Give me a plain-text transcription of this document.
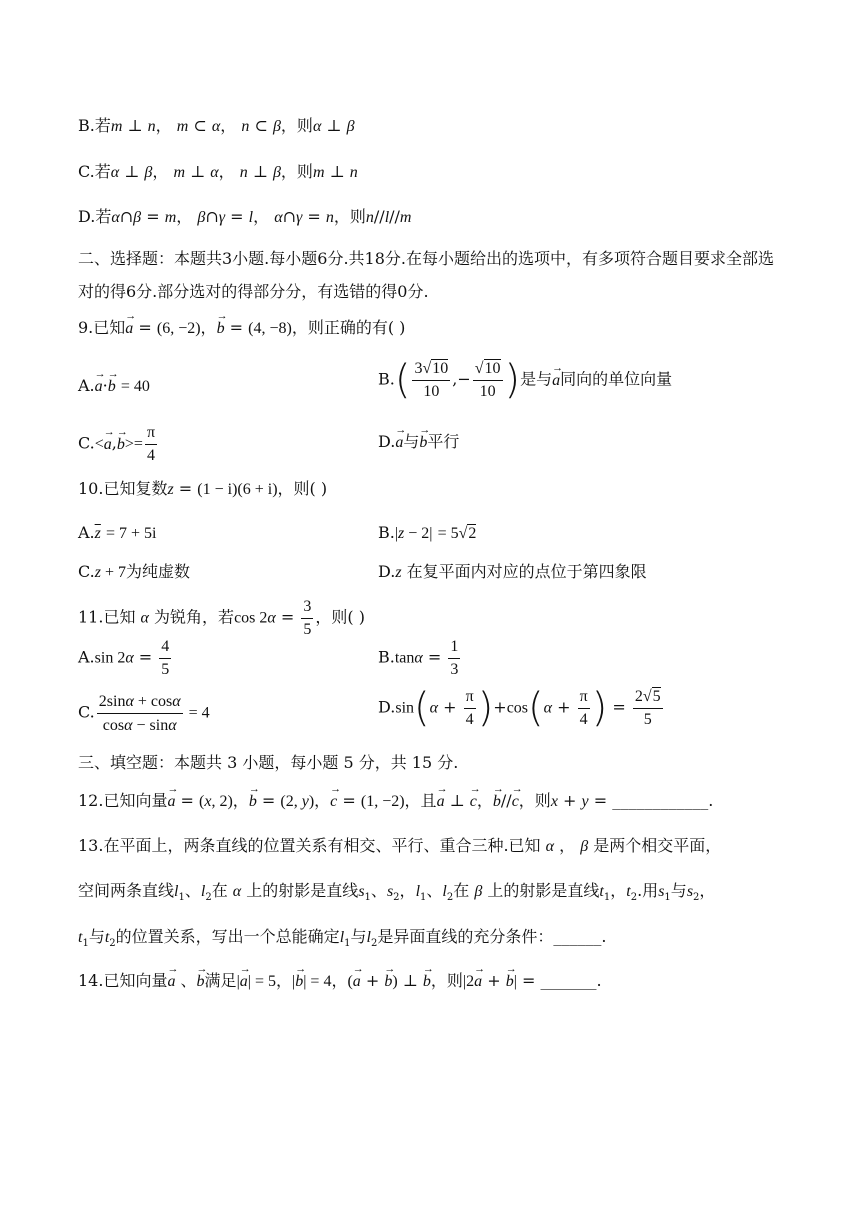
B.若m ⊥ n， m ⊂ α， n ⊂ β，则α ⊥ β
C.若α ⊥ β， m ⊥ α， n ⊥ β，则m ⊥ n
D.若α∩β = m， β∩γ = l， α∩γ = n，则n//l//m
二、选择题：本题共3小题.每小题6分.共18分.在每小题给出的选项中，有多项符合题目要求全部选对的得6分.部分选对的得部分分，有选错的得0分.
9.已知→ a = (6, −2)，→ b = (4, −8)，则正确的有( )
A.→ a·→ b = 40	$B.( \frac{3√10}{10}$ ,− $\frac{√10}{10}$ )是与→ a同向的单位向量
$C.<\to a,\to b>= \frac{\pi}{4}$	D.→ a与→ b平行
10.已知复数z = (1 − i)(6 + i)，则( )
$A.\overline{z} = 7 + 5i$	B.|z − 2| = 5√2
C.z + 7为纯虚数	D.z 在复平面内对应的点位于第四象限
11.已知 α 为锐角，若$\cos 2\alpha = \frac{3}{5}$ ，则( )
A.sin $2\alpha = \frac{4}{5}$	$B.\tan\alpha = \frac{1}{3}$
C. $\frac{2\sin\alpha + \cos\alpha}{\cos\alpha - \sin\alpha} = 4$	$D.\sin(\alpha + \frac{\pi}{4} )+\cos(\alpha + \frac{\pi}{4}$ ) = $\frac{2√5}{5}$
三、填空题：本题共 3 小题，每小题 5 分，共 15 分.
12.已知向量→ a = (x, 2)，→ b = (2, y)，→ c = (1, −2)，且→ a ⊥ → c，→ b//→ c，则x + y = ____________.
13.在平面上，两条直线的位置关系有相交、平行、重合三种.已知 α ， β 是两个相交平面，
空间两条直线$l_1$、$l_2$在 α 上的射影是直线$s_1$、$s_2$，$l_1$、$l_2$在 β 上的射影是直线$t_1$，$t_2$.用$s_1$与$s_2$，
$t_1$与$t_2$的位置关系，写出一个总能确定$l_1$与$l_2$是异面直线的充分条件：______.
14.已知向量→ a 、→ b满足|→ a| = 5，|→ b| = 4，(→ a + → b) ⊥ → b，则|2→ a + → b| = _______.
